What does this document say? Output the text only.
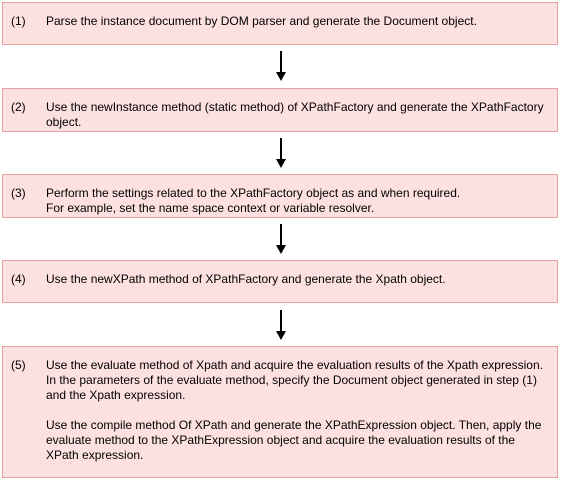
(1) Parse the instance document by DOM parser and generate the Document object.

(2) Use the newInstance method (static method) of XPathFactory and generate the XPathFactory object.

(3) Perform the settings related to the XPathFactory object as and when required.

For example, set the name space context or variable resolver.

(4) Use the newXPath method of XPathFactory and generate the Xpath object.

(5) Use the evaluate method of Xpath and acquire the evaluation results of the Xpath expression.

In the parameters of the evaluate method, specify the Document object generated in step (1) and the Xpath expression.

Use the compile method Of XPath and generate the XPathExpression object. Then, apply the evaluate method to the XPathExpression object and acquire the evaluation results of the XPath expression.
